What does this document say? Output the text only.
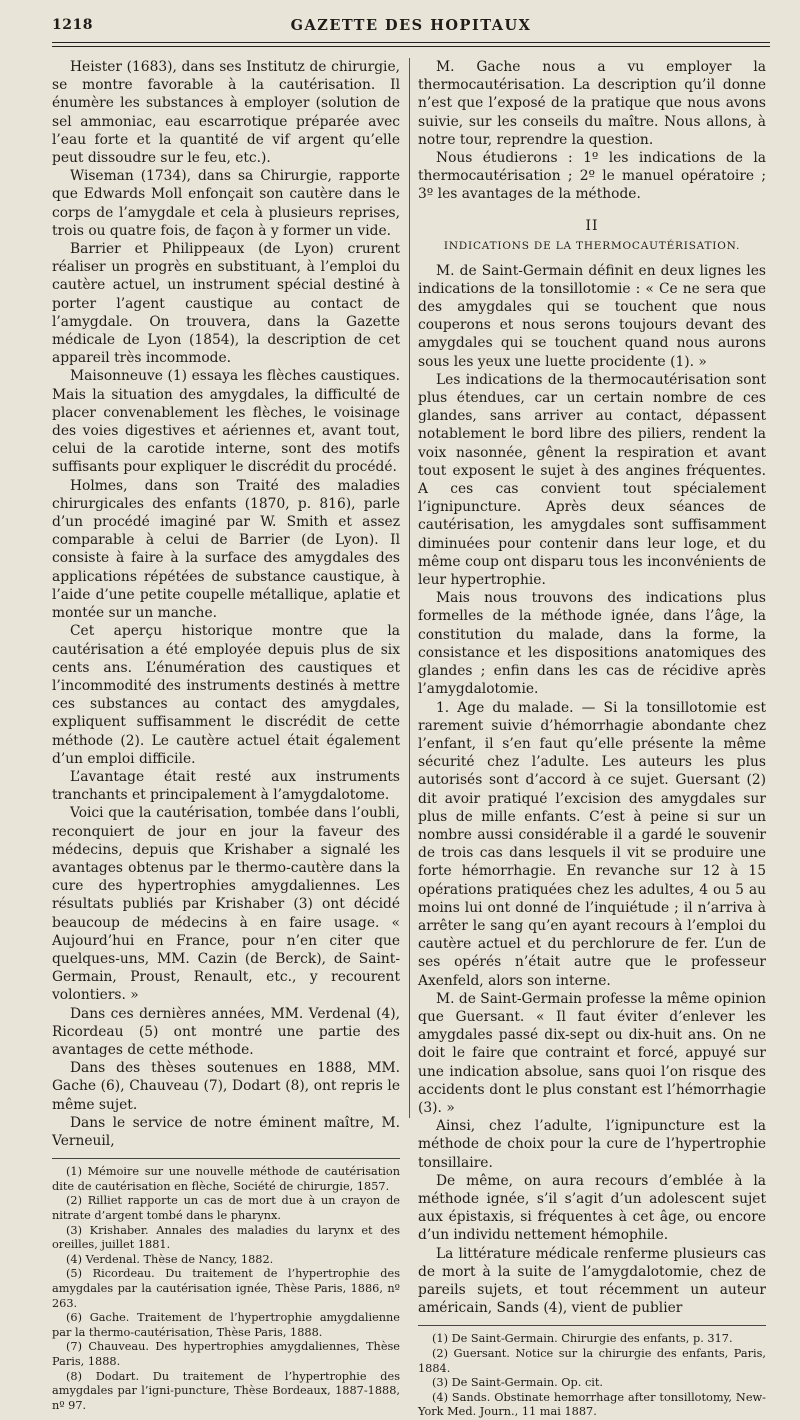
1218	GAZETTE DES HOPITAUX

Heister (1683), dans ses Institutz de chirurgie, se montre favorable à la cautérisation. Il énumère les substances à employer (solution de sel ammoniac, eau escarrotique préparée avec l’eau forte et la quantité de vif argent qu’elle peut dissoudre sur le feu, etc.).

Wiseman (1734), dans sa Chirurgie, rapporte que Edwards Moll enfonçait son cautère dans le corps de l’amygdale et cela à plusieurs reprises, trois ou quatre fois, de façon à y former un vide.

Barrier et Philippeaux (de Lyon) crurent réaliser un progrès en substituant, à l’emploi du cautère actuel, un instrument spécial destiné à porter l’agent caustique au contact de l’amygdale. On trouvera, dans la Gazette médicale de Lyon (1854), la description de cet appareil très incommode.

Maisonneuve (1) essaya les flèches caustiques. Mais la situation des amygdales, la difficulté de placer convenablement les flèches, le voisinage des voies digestives et aériennes et, avant tout, celui de la carotide interne, sont des motifs suffisants pour expliquer le discrédit du procédé.

Holmes, dans son Traité des maladies chirurgicales des enfants (1870, p. 816), parle d’un procédé imaginé par W. Smith et assez comparable à celui de Barrier (de Lyon). Il consiste à faire à la surface des amygdales des applications répétées de substance caustique, à l’aide d’une petite coupelle métallique, aplatie et montée sur un manche.

Cet aperçu historique montre que la cautérisation a été employée depuis plus de six cents ans. L’énumération des caustiques et l’incommodité des instruments destinés à mettre ces substances au contact des amygdales, expliquent suffisamment le discrédit de cette méthode (2). Le cautère actuel était également d’un emploi difficile.

L’avantage était resté aux instruments tranchants et principalement à l’amygdalotome.

Voici que la cautérisation, tombée dans l’oubli, reconquiert de jour en jour la faveur des médecins, depuis que Krishaber a signalé les avantages obtenus par le thermo-cautère dans la cure des hypertrophies amygdaliennes. Les résultats publiés par Krishaber (3) ont décidé beaucoup de médecins à en faire usage. « Aujourd’hui en France, pour n’en citer que quelques-uns, MM. Cazin (de Berck), de Saint-Germain, Proust, Renault, etc., y recourent volontiers. »

Dans ces dernières années, MM. Verdenal (4), Ricordeau (5) ont montré une partie des avantages de cette méthode.

Dans des thèses soutenues en 1888, MM. Gache (6), Chauveau (7), Dodart (8), ont repris le même sujet.

Dans le service de notre éminent maître, M. Verneuil,

(1) Mémoire sur une nouvelle méthode de cautérisation dite de cautérisation en flèche, Société de chirurgie, 1857.

(2) Rilliet rapporte un cas de mort due à un crayon de nitrate d’argent tombé dans le pharynx.

(3) Krishaber. Annales des maladies du larynx et des oreilles, juillet 1881.

(4) Verdenal. Thèse de Nancy, 1882.

(5) Ricordeau. Du traitement de l’hypertrophie des amygdales par la cautérisation ignée, Thèse Paris, 1886, nº 263.

(6) Gache. Traitement de l’hypertrophie amygdalienne par la thermo-cautérisation, Thèse Paris, 1888.

(7) Chauveau. Des hypertrophies amygdaliennes, Thèse Paris, 1888.

(8) Dodart. Du traitement de l’hypertrophie des amygdales par l’igni-puncture, Thèse Bordeaux, 1887-1888, nº 97.

M. Gache nous a vu employer la thermocautérisation. La description qu’il donne n’est que l’exposé de la pratique que nous avons suivie, sur les conseils du maître. Nous allons, à notre tour, reprendre la question.

Nous étudierons : 1º les indications de la thermocautérisation ; 2º le manuel opératoire ; 3º les avantages de la méthode.

II
INDICATIONS DE LA THERMOCAUTÉRISATION.

M. de Saint-Germain définit en deux lignes les indications de la tonsillotomie : « Ce ne sera que des amygdales qui se touchent que nous couperons et nous serons toujours devant des amygdales qui se touchent quand nous aurons sous les yeux une luette procidente (1). »

Les indications de la thermocautérisation sont plus étendues, car un certain nombre de ces glandes, sans arriver au contact, dépassent notablement le bord libre des piliers, rendent la voix nasonnée, gênent la respiration et avant tout exposent le sujet à des angines fréquentes. A ces cas convient tout spécialement l’ignipuncture. Après deux séances de cautérisation, les amygdales sont suffisamment diminuées pour contenir dans leur loge, et du même coup ont disparu tous les inconvénients de leur hypertrophie.

Mais nous trouvons des indications plus formelles de la méthode ignée, dans l’âge, la constitution du malade, dans la forme, la consistance et les dispositions anatomiques des glandes ; enfin dans les cas de récidive après l’amygdalotomie.

1. Age du malade. — Si la tonsillotomie est rarement suivie d’hémorrhagie abondante chez l’enfant, il s’en faut qu’elle présente la même sécurité chez l’adulte. Les auteurs les plus autorisés sont d’accord à ce sujet. Guersant (2) dit avoir pratiqué l’excision des amygdales sur plus de mille enfants. C’est à peine si sur un nombre aussi considérable il a gardé le souvenir de trois cas dans lesquels il vit se produire une forte hémorrhagie. En revanche sur 12 à 15 opérations pratiquées chez les adultes, 4 ou 5 au moins lui ont donné de l’inquiétude ; il n’arriva à arrêter le sang qu’en ayant recours à l’emploi du cautère actuel et du perchlorure de fer. L’un de ses opérés n’était autre que le professeur Axenfeld, alors son interne.

M. de Saint-Germain professe la même opinion que Guersant. « Il faut éviter d’enlever les amygdales passé dix-sept ou dix-huit ans. On ne doit le faire que contraint et forcé, appuyé sur une indication absolue, sans quoi l’on risque des accidents dont le plus constant est l’hémorrhagie (3). »

Ainsi, chez l’adulte, l’ignipuncture est la méthode de choix pour la cure de l’hypertrophie tonsillaire.

De même, on aura recours d’emblée à la méthode ignée, s’il s’agit d’un adolescent sujet aux épistaxis, si fréquentes à cet âge, ou encore d’un individu nettement hémophile.

La littérature médicale renferme plusieurs cas de mort à la suite de l’amygdalotomie, chez de pareils sujets, et tout récemment un auteur américain, Sands (4), vient de publier

(1) De Saint-Germain. Chirurgie des enfants, p. 317.

(2) Guersant. Notice sur la chirurgie des enfants, Paris, 1884.

(3) De Saint-Germain. Op. cit.

(4) Sands. Obstinate hemorrhage after tonsillotomy, New-York Med. Journ., 11 mai 1887.
